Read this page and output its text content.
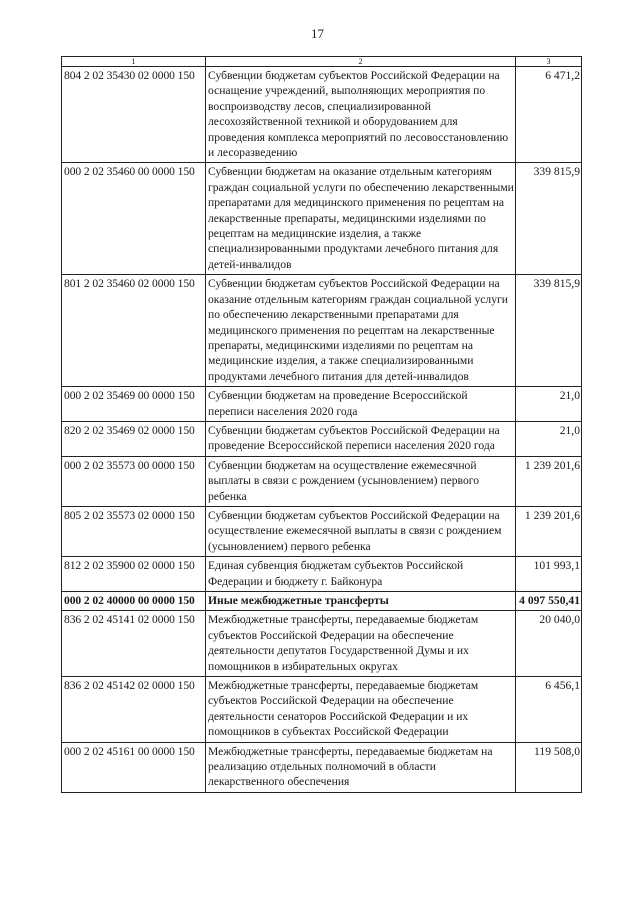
17
1	2	3
804 2 02 35430 02 0000 150	Субвенции бюджетам субъектов Российской Федерации на оснащение учреждений, выполняющих мероприятия по воспроизводству лесов, специализированной лесохозяйственной техникой и оборудованием для проведения комплекса мероприятий по лесовосстановлению и лесоразведению	6 471,2
000 2 02 35460 00 0000 150	Субвенции бюджетам на оказание отдельным категориям граждан социальной услуги по обеспечению лекарственными препаратами для медицинского применения по рецептам на лекарственные препараты, медицинскими изделиями по рецептам на медицинские изделия, а также специализированными продуктами лечебного питания для детей-инвалидов	339 815,9
801 2 02 35460 02 0000 150	Субвенции бюджетам субъектов Российской Федерации на оказание отдельным категориям граждан социальной услуги по обеспечению лекарственными препаратами для медицинского применения по рецептам на лекарственные препараты, медицинскими изделиями по рецептам на медицинские изделия, а также специализированными продуктами лечебного питания для детей-инвалидов	339 815,9
000 2 02 35469 00 0000 150	Субвенции бюджетам на проведение Всероссийской переписи населения 2020 года	21,0
820 2 02 35469 02 0000 150	Субвенции бюджетам субъектов Российской Федерации на проведение Всероссийской переписи населения 2020 года	21,0
000 2 02 35573 00 0000 150	Субвенции бюджетам на осуществление ежемесячной выплаты в связи с рождением (усыновлением) первого ребенка	1 239 201,6
805 2 02 35573 02 0000 150	Субвенции бюджетам субъектов Российской Федерации на осуществление ежемесячной выплаты в связи с рождением (усыновлением) первого ребенка	1 239 201,6
812 2 02 35900 02 0000 150	Единая субвенция бюджетам субъектов Российской Федерации и бюджету г. Байконура	101 993,1
000 2 02 40000 00 0000 150	Иные межбюджетные трансферты	4 097 550,41
836 2 02 45141 02 0000 150	Межбюджетные трансферты, передаваемые бюджетам субъектов Российской Федерации на обеспечение деятельности депутатов Государственной Думы и их помощников в избирательных округах	20 040,0
836 2 02 45142 02 0000 150	Межбюджетные трансферты, передаваемые бюджетам субъектов Российской Федерации на обеспечение деятельности сенаторов Российской Федерации и их помощников в субъектах Российской Федерации	6 456,1
000 2 02 45161 00 0000 150	Межбюджетные трансферты, передаваемые бюджетам на реализацию отдельных полномочий в области лекарственного обеспечения	119 508,0
